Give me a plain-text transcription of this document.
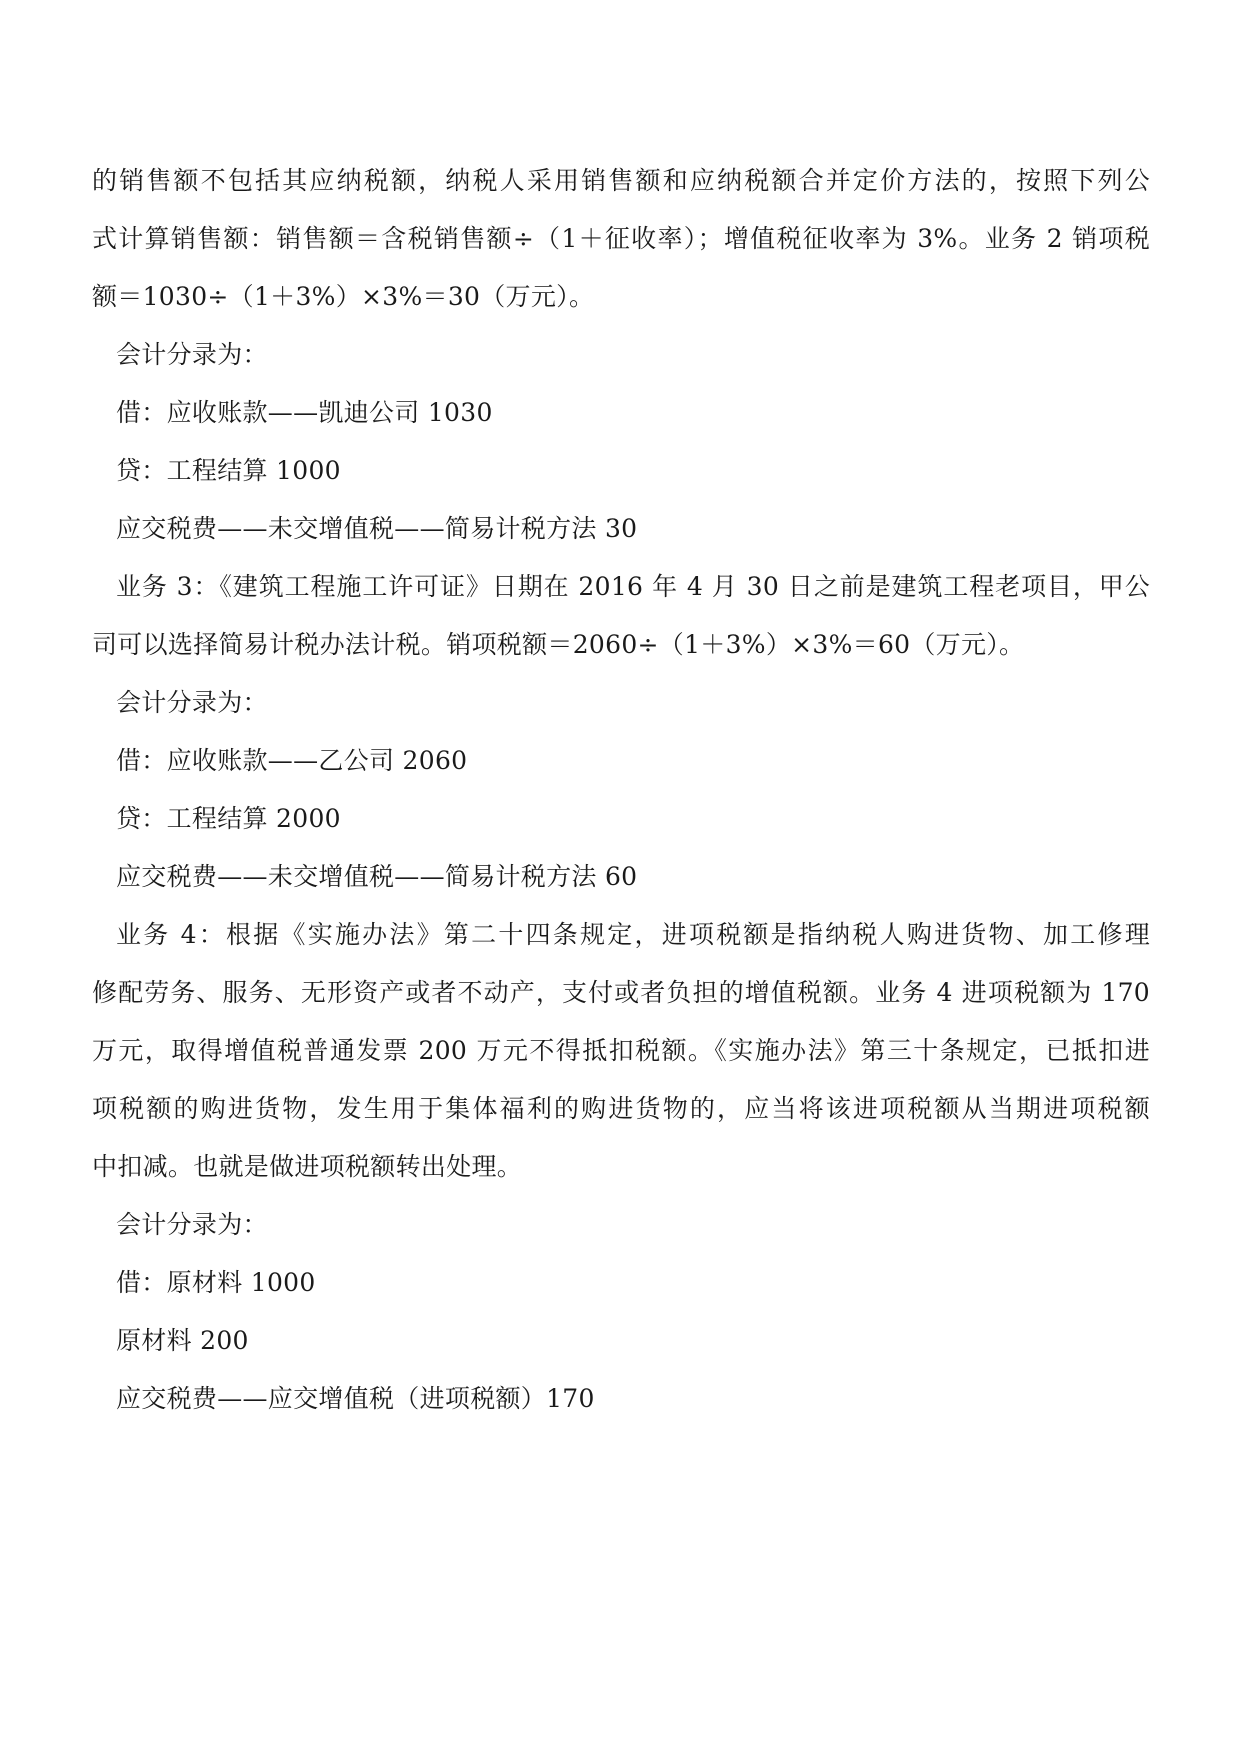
的销售额不包括其应纳税额，纳税人采用销售额和应纳税额合并定价方法的，按照下列公
式计算销售额：销售额＝含税销售额÷（1＋征收率）；增值税征收率为 3%。业务 2 销项税
额＝1030÷（1＋3%）×3%＝30（万元）。
会计分录为：
借：应收账款——凯迪公司 1030
贷：工程结算 1000
应交税费——未交增值税——简易计税方法 30
业务 3：《建筑工程施工许可证》日期在 2016 年 4 月 30 日之前是建筑工程老项目，甲公
司可以选择简易计税办法计税。销项税额＝2060÷（1＋3%）×3%＝60（万元）。
会计分录为：
借：应收账款——乙公司 2060
贷：工程结算 2000
应交税费——未交增值税——简易计税方法 60
业务 4：根据《实施办法》第二十四条规定，进项税额是指纳税人购进货物、加工修理
修配劳务、服务、无形资产或者不动产，支付或者负担的增值税额。业务 4 进项税额为 170
万元，取得增值税普通发票 200 万元不得抵扣税额。《实施办法》第三十条规定，已抵扣进
项税额的购进货物，发生用于集体福利的购进货物的，应当将该进项税额从当期进项税额
中扣减。也就是做进项税额转出处理。
会计分录为：
借：原材料 1000
原材料 200
应交税费——应交增值税（进项税额）170
